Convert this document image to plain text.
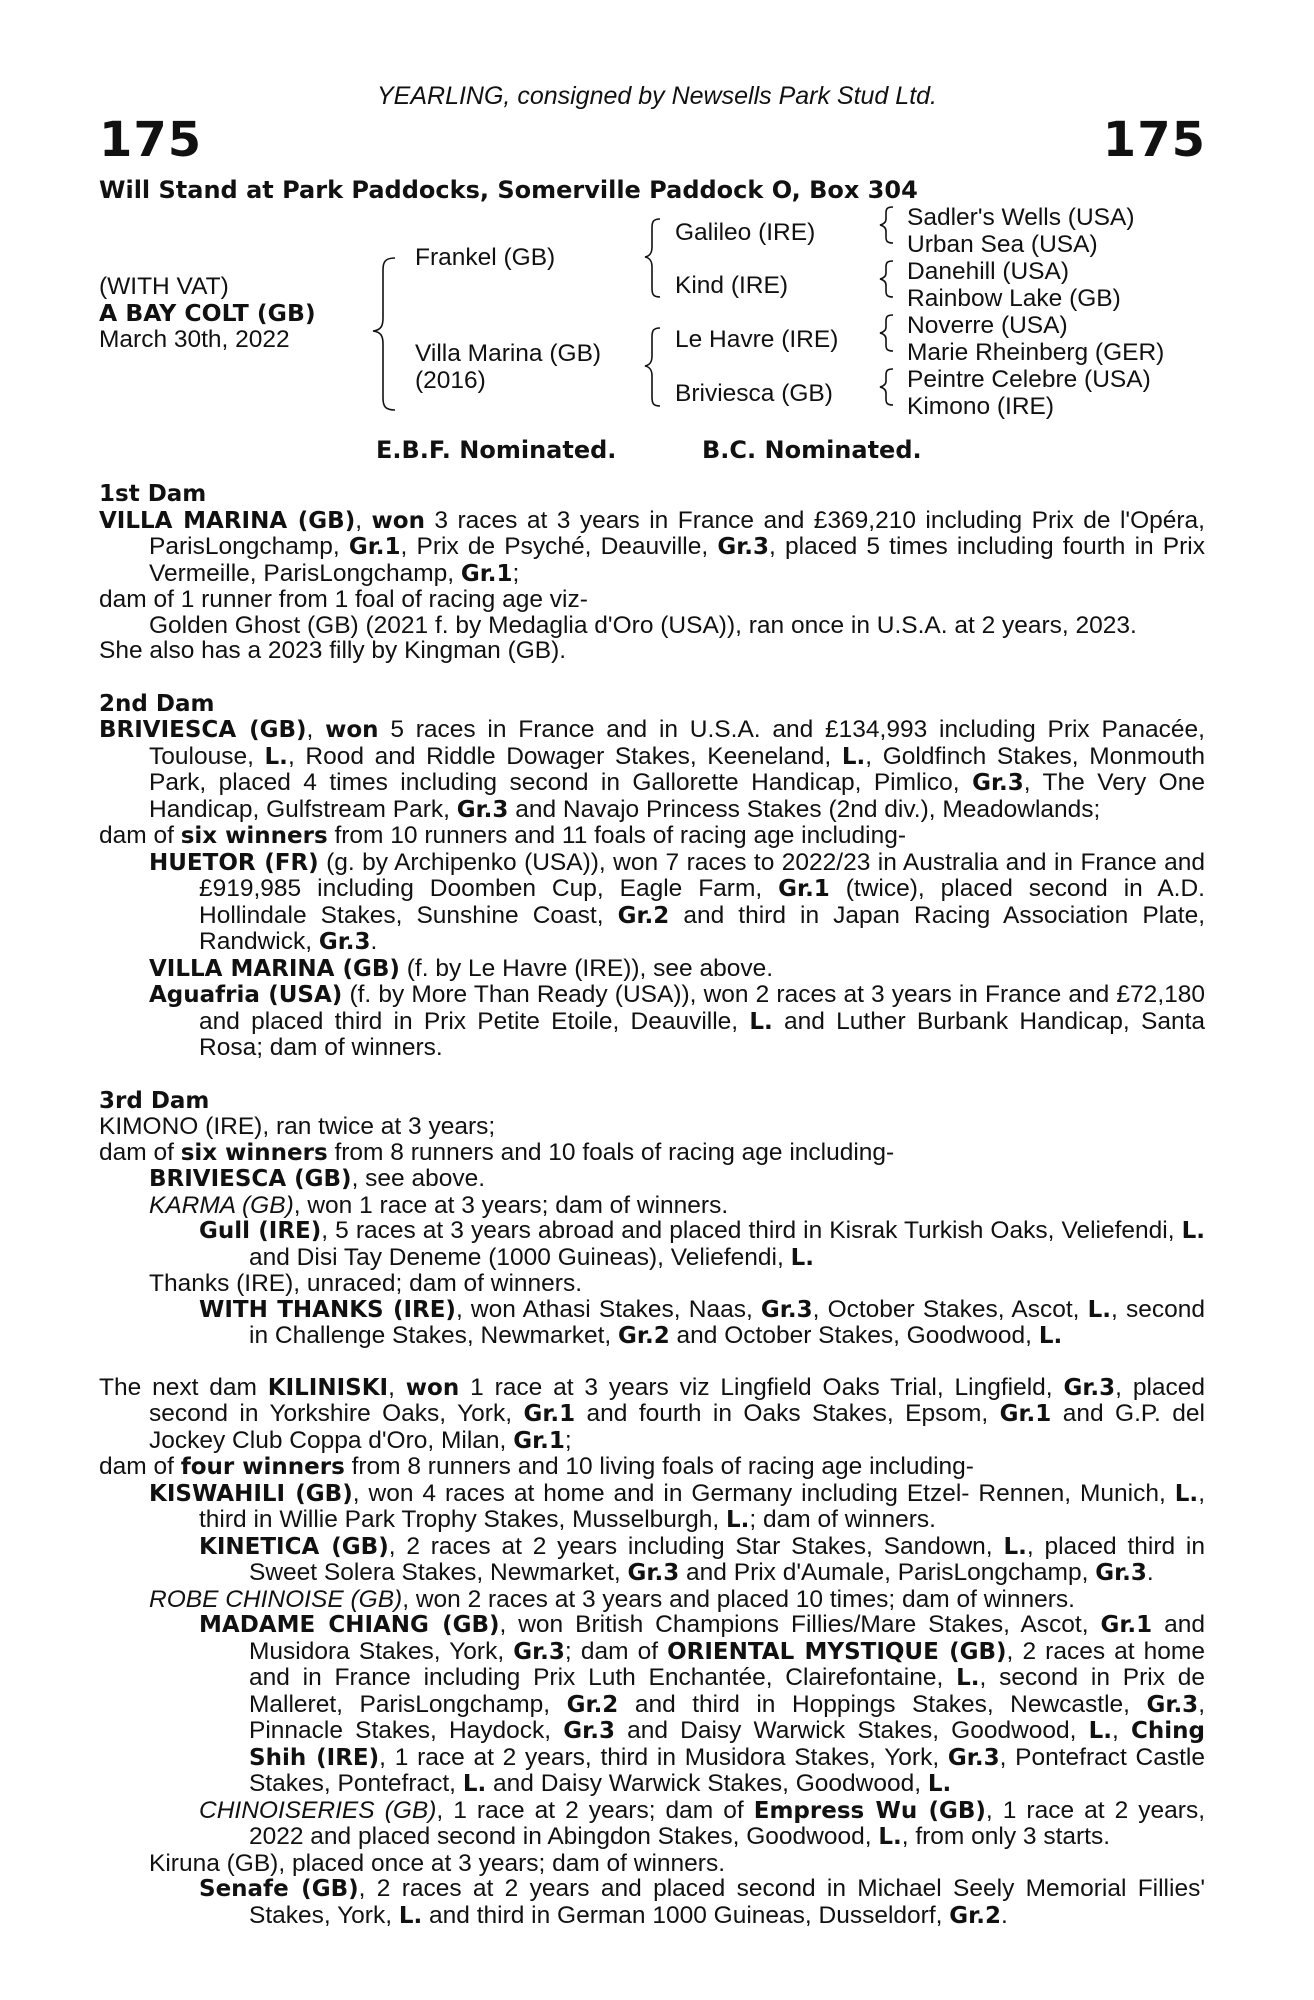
YEARLING, consigned by Newsells Park Stud Ltd.
175	175
Will Stand at Park Paddocks, Somerville Paddock O, Box 304
(WITH VAT)
A BAY COLT (GB)
March 30th, 2022
Frankel (GB)
Villa Marina (GB)
(2016)
Galileo (IRE)
Kind (IRE)
Le Havre (IRE)
Briviesca (GB)
Sadler's Wells (USA)
Urban Sea (USA)
Danehill (USA)
Rainbow Lake (GB)
Noverre (USA)
Marie Rheinberg (GER)
Peintre Celebre (USA)
Kimono (IRE)
E.B.F. Nominated.	B.C. Nominated.
1st Dam
VILLA MARINA (GB), won 3 races at 3 years in France and £369,210 including Prix de l'Opéra, ParisLongchamp, Gr.1, Prix de Psyché, Deauville, Gr.3, placed 5 times including fourth in Prix Vermeille, ParisLongchamp, Gr.1;
dam of 1 runner from 1 foal of racing age viz-
Golden Ghost (GB) (2021 f. by Medaglia d'Oro (USA)), ran once in U.S.A. at 2 years, 2023.
She also has a 2023 filly by Kingman (GB).
2nd Dam
BRIVIESCA (GB), won 5 races in France and in U.S.A. and £134,993 including Prix Panacée, Toulouse, L., Rood and Riddle Dowager Stakes, Keeneland, L., Goldfinch Stakes, Monmouth Park, placed 4 times including second in Gallorette Handicap, Pimlico, Gr.3, The Very One Handicap, Gulfstream Park, Gr.3 and Navajo Princess Stakes (2nd div.), Meadowlands;
dam of six winners from 10 runners and 11 foals of racing age including-
HUETOR (FR) (g. by Archipenko (USA)), won 7 races to 2022/23 in Australia and in France and £919,985 including Doomben Cup, Eagle Farm, Gr.1 (twice), placed second in A.D. Hollindale Stakes, Sunshine Coast, Gr.2 and third in Japan Racing Association Plate, Randwick, Gr.3.
VILLA MARINA (GB) (f. by Le Havre (IRE)), see above.
Aguafria (USA) (f. by More Than Ready (USA)), won 2 races at 3 years in France and £72,180 and placed third in Prix Petite Etoile, Deauville, L. and Luther Burbank Handicap, Santa Rosa; dam of winners.
3rd Dam
KIMONO (IRE), ran twice at 3 years;
dam of six winners from 8 runners and 10 foals of racing age including-
BRIVIESCA (GB), see above.
KARMA (GB), won 1 race at 3 years; dam of winners.
Gull (IRE), 5 races at 3 years abroad and placed third in Kisrak Turkish Oaks, Veliefendi, L. and Disi Tay Deneme (1000 Guineas), Veliefendi, L.
Thanks (IRE), unraced; dam of winners.
WITH THANKS (IRE), won Athasi Stakes, Naas, Gr.3, October Stakes, Ascot, L., second in Challenge Stakes, Newmarket, Gr.2 and October Stakes, Goodwood, L.
The next dam KILINISKI, won 1 race at 3 years viz Lingfield Oaks Trial, Lingfield, Gr.3, placed second in Yorkshire Oaks, York, Gr.1 and fourth in Oaks Stakes, Epsom, Gr.1 and G.P. del Jockey Club Coppa d'Oro, Milan, Gr.1;
dam of four winners from 8 runners and 10 living foals of racing age including-
KISWAHILI (GB), won 4 races at home and in Germany including Etzel- Rennen, Munich, L., third in Willie Park Trophy Stakes, Musselburgh, L.; dam of winners.
KINETICA (GB), 2 races at 2 years including Star Stakes, Sandown, L., placed third in Sweet Solera Stakes, Newmarket, Gr.3 and Prix d'Aumale, ParisLongchamp, Gr.3.
ROBE CHINOISE (GB), won 2 races at 3 years and placed 10 times; dam of winners.
MADAME CHIANG (GB), won British Champions Fillies/Mare Stakes, Ascot, Gr.1 and Musidora Stakes, York, Gr.3; dam of ORIENTAL MYSTIQUE (GB), 2 races at home and in France including Prix Luth Enchantée, Clairefontaine, L., second in Prix de Malleret, ParisLongchamp, Gr.2 and third in Hoppings Stakes, Newcastle, Gr.3, Pinnacle Stakes, Haydock, Gr.3 and Daisy Warwick Stakes, Goodwood, L., Ching Shih (IRE), 1 race at 2 years, third in Musidora Stakes, York, Gr.3, Pontefract Castle Stakes, Pontefract, L. and Daisy Warwick Stakes, Goodwood, L.
CHINOISERIES (GB), 1 race at 2 years; dam of Empress Wu (GB), 1 race at 2 years, 2022 and placed second in Abingdon Stakes, Goodwood, L., from only 3 starts.
Kiruna (GB), placed once at 3 years; dam of winners.
Senafe (GB), 2 races at 2 years and placed second in Michael Seely Memorial Fillies' Stakes, York, L. and third in German 1000 Guineas, Dusseldorf, Gr.2.
